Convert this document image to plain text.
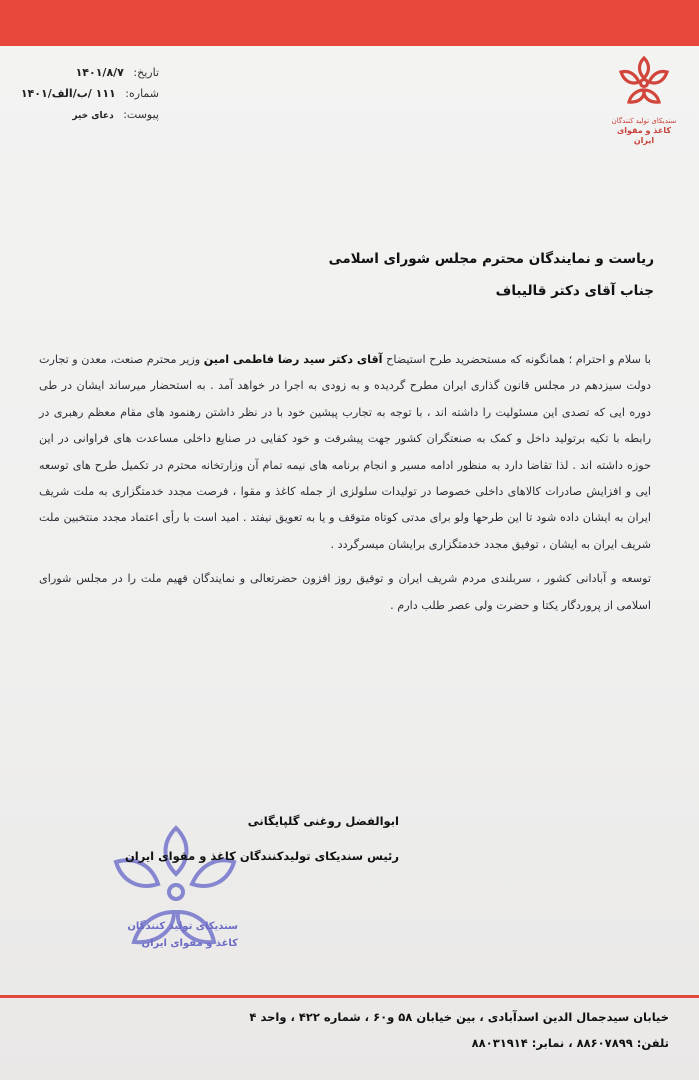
سندیکای تولید کنندگان
کاغذ و مقوای ایران
تاریخ: ۱۴۰۱/۸/۷
شماره: ۱۱۱ /ب/الف/۱۴۰۱
پیوست: دعای خیر
ریاست و نمایندگان محترم مجلس شورای اسلامی
جناب آقای دکتر قالیباف

با سلام و احترام ؛ همانگونه که مستحضرید طرح استیضاح آقای دکتر سید رضا فاطمی امین وزیر محترم صنعت، معدن و تجارت دولت سیزدهم در مجلس قانون گذاری ایران مطرح گردیده و به زودی به اجرا در خواهد آمد . به استحضار میرساند ایشان در طی دوره ایی که تصدی این مسئولیت را داشته اند ، با توجه به تجارب پیشین خود با در نظر داشتن رهنمود های مقام معظم رهبری در رابطه با تکیه برتولید داخل و کمک به صنعتگران کشور جهت پیشرفت و خود کفایی در صنایع داخلی مساعدت های فراوانی در این حوزه داشته اند . لذا تقاضا دارد به منظور ادامه مسیر و انجام برنامه های نیمه تمام آن وزارتخانه محترم در تکمیل طرح های توسعه ایی و افزایش صادرات کالاهای داخلی خصوصا در تولیدات سلولزی از جمله کاغذ و مقوا ، فرصت مجدد خدمتگزاری به ملت شریف ایران به ایشان داده شود تا این طرحها ولو برای مدتی کوتاه متوقف و یا به تعویق نیفتد . امید است با رأی اعتماد مجدد منتخبین ملت شریف ایران به ایشان ، توفیق مجدد خدمتگزاری برایشان میسرگردد .

توسعه و آبادانی کشور ، سربلندی مردم شریف ایران و توفیق روز افزون حضرتعالی و نمایندگان فهیم ملت را در مجلس شورای اسلامی از پروردگار یکتا و حضرت ولی عصر طلب دارم .

سندیکای تولید کنندگان
کاغذ و مقوای ایران
ابوالفضل روغنی گلپایگانی
رئیس سندیکای تولیدکنندگان کاغذ و مقوای ایران
خیابان سیدجمال الدین اسدآبادی ، بین خیابان ۵۸ و۶۰ ، شماره ۴۲۲ ، واحد ۴
تلفن: ۸۸۶۰۷۸۹۹ ، نمابر: ۸۸۰۳۱۹۱۴
